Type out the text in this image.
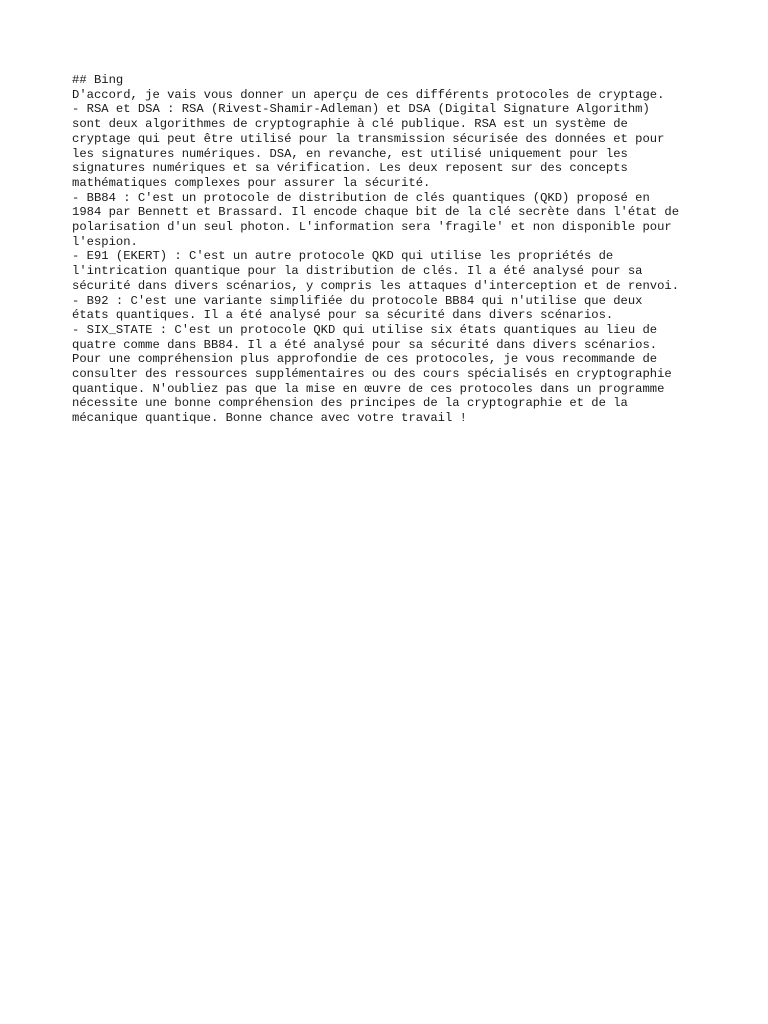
## Bing
D'accord, je vais vous donner un aperçu de ces différents protocoles de cryptage.
- RSA et DSA : RSA (Rivest-Shamir-Adleman) et DSA (Digital Signature Algorithm)
sont deux algorithmes de cryptographie à clé publique. RSA est un système de
cryptage qui peut être utilisé pour la transmission sécurisée des données et pour
les signatures numériques. DSA, en revanche, est utilisé uniquement pour les
signatures numériques et sa vérification. Les deux reposent sur des concepts
mathématiques complexes pour assurer la sécurité.
- BB84 : C'est un protocole de distribution de clés quantiques (QKD) proposé en
1984 par Bennett et Brassard. Il encode chaque bit de la clé secrète dans l'état de
polarisation d'un seul photon. L'information sera 'fragile' et non disponible pour
l'espion.
- E91 (EKERT) : C'est un autre protocole QKD qui utilise les propriétés de
l'intrication quantique pour la distribution de clés. Il a été analysé pour sa
sécurité dans divers scénarios, y compris les attaques d'interception et de renvoi.
- B92 : C'est une variante simplifiée du protocole BB84 qui n'utilise que deux
états quantiques. Il a été analysé pour sa sécurité dans divers scénarios.
- SIX_STATE : C'est un protocole QKD qui utilise six états quantiques au lieu de
quatre comme dans BB84. Il a été analysé pour sa sécurité dans divers scénarios.
Pour une compréhension plus approfondie de ces protocoles, je vous recommande de
consulter des ressources supplémentaires ou des cours spécialisés en cryptographie
quantique. N'oubliez pas que la mise en œuvre de ces protocoles dans un programme
nécessite une bonne compréhension des principes de la cryptographie et de la
mécanique quantique. Bonne chance avec votre travail !
